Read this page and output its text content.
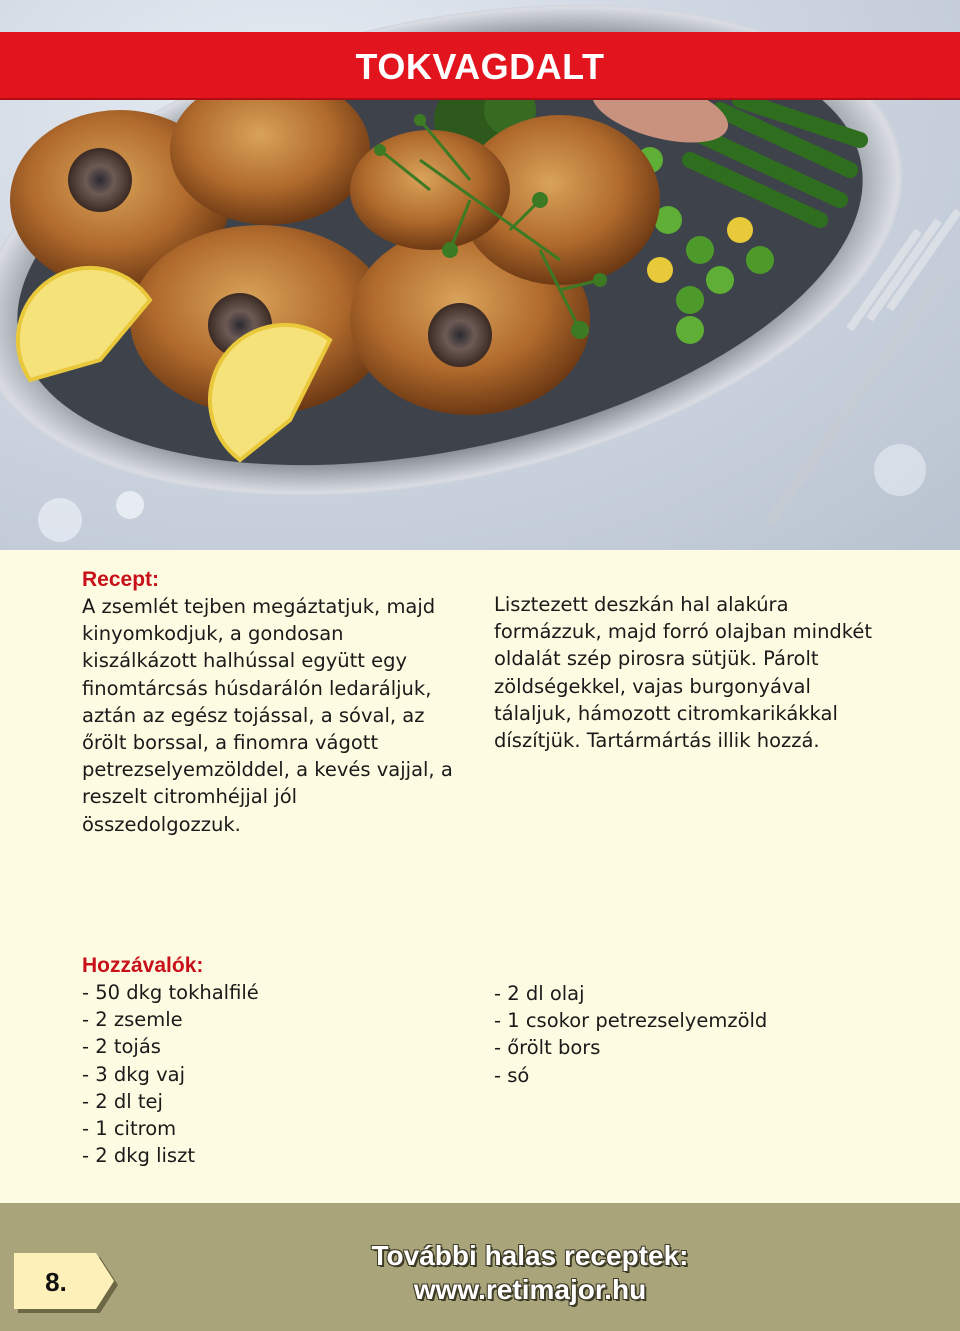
TOKVAGDALT
Recept:

A zsemlét tejben megáztatjuk, majd kinyomkodjuk, a gondosan kiszálkázott halhússal együtt egy finomtárcsás húsdarálón ledaráljuk, aztán az egész tojással, a sóval, az őrölt borssal, a finomra vágott petrezselyemzölddel, a kevés vajjal, a reszelt citromhéjjal jól összedolgozzuk.

Lisztezett deszkán hal alakúra formázzuk, majd forró olajban mindkét oldalát szép pirosra sütjük. Párolt zöldségekkel, vajas burgonyával tálaljuk, hámozott citromkarikákkal díszítjük. Tartármártás illik hozzá.

Hozzávalók:
- 50 dkg tokhalfilé
- 2 zsemle
- 2 tojás
- 3 dkg vaj
- 2 dl tej
- 1 citrom
- 2 dkg liszt
- 2 dl olaj
- 1 csokor petrezselyemzöld
- őrölt bors
- só
8.
További halas receptek:
www.retimajor.hu
